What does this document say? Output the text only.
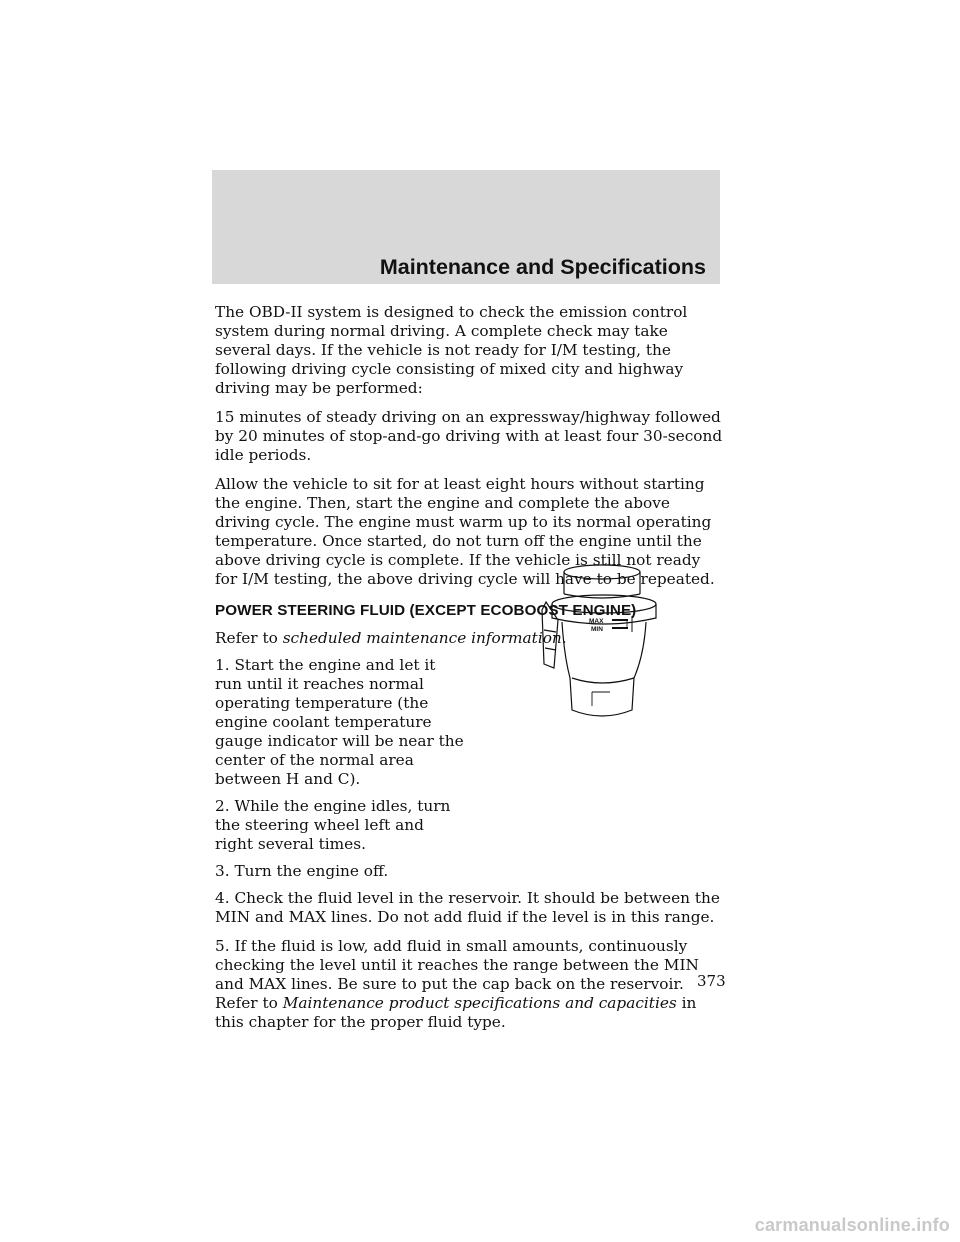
Maintenance and Specifications

The OBD-II system is designed to check the emission control system during normal driving. A complete check may take several days. If the vehicle is not ready for I/M testing, the following driving cycle consisting of mixed city and highway driving may be performed:

15 minutes of steady driving on an expressway/highway followed by 20 minutes of stop-and-go driving with at least four 30-second idle periods.

Allow the vehicle to sit for at least eight hours without starting the engine. Then, start the engine and complete the above driving cycle. The engine must warm up to its normal operating temperature. Once started, do not turn off the engine until the above driving cycle is complete. If the vehicle is still not ready for I/M testing, the above driving cycle will have to be repeated.

POWER STEERING FLUID (EXCEPT ECOBOOST ENGINE)

Refer to scheduled maintenance information.

1. Start the engine and let it run until it reaches normal operating temperature (the engine coolant temperature gauge indicator will be near the center of the normal area between H and C).

2. While the engine idles, turn the steering wheel left and right several times.

3. Turn the engine off.

4. Check the fluid level in the reservoir. It should be between the MIN and MAX lines. Do not add fluid if the level is in this range.

5. If the fluid is low, add fluid in small amounts, continuously checking the level until it reaches the range between the MIN and MAX lines. Be sure to put the cap back on the reservoir. Refer to Maintenance product specifications and capacities in this chapter for the proper fluid type.

MAX
MIN
373
carmanualsonline.info
